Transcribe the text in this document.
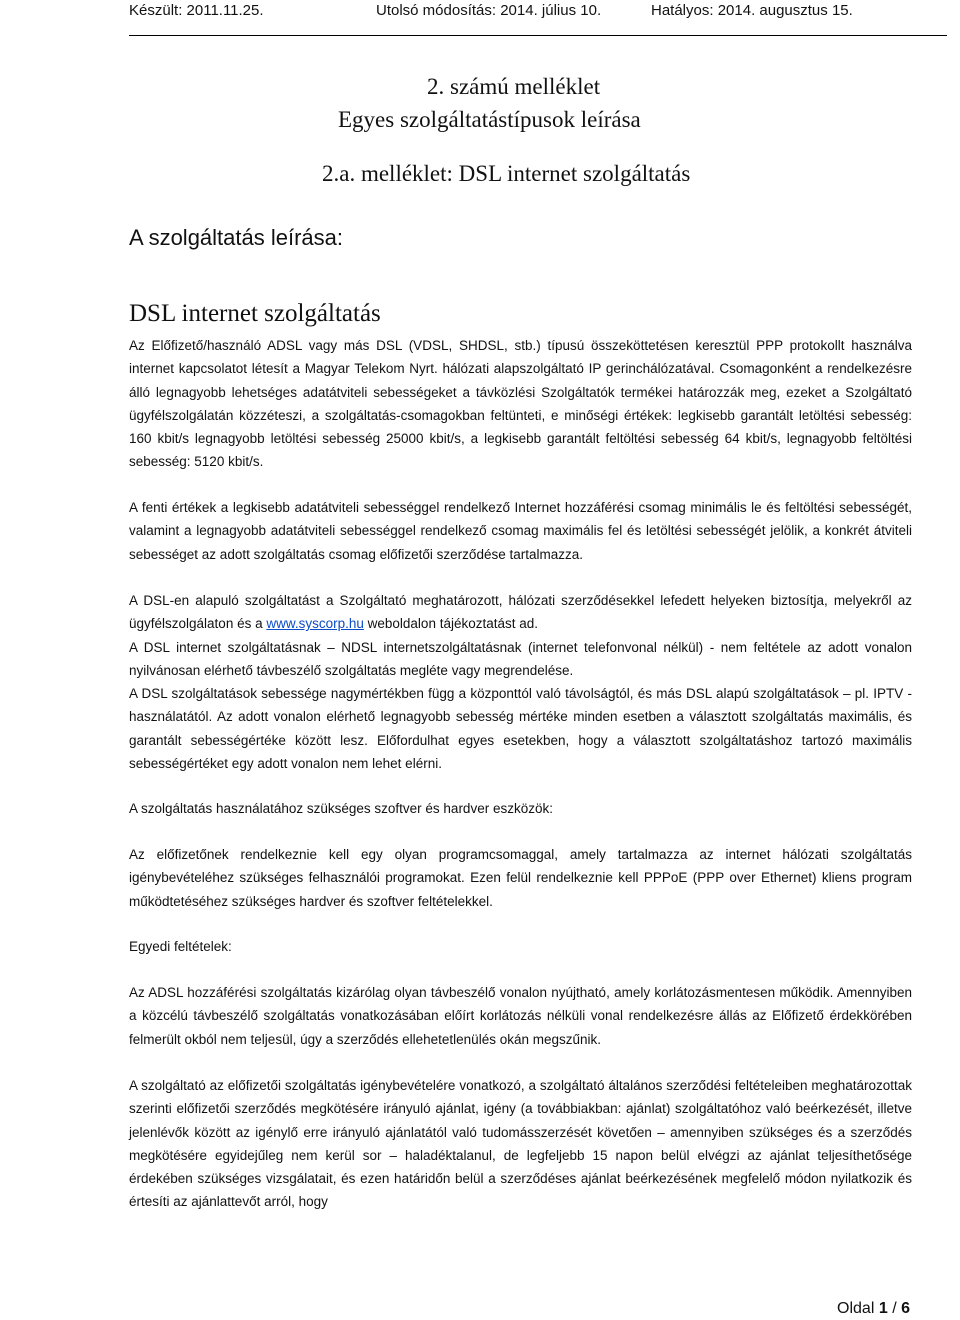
Készült: 2011.11.25.	Utolsó módosítás: 2014. július 10.	Hatályos: 2014. augusztus 15.
2. számú melléklet
Egyes szolgáltatástípusok leírása
2.a. melléklet: DSL internet szolgáltatás
A szolgáltatás leírása:
DSL internet szolgáltatás

Az Előfizető/használó ADSL vagy más DSL (VDSL, SHDSL, stb.) típusú összeköttetésen keresztül PPP protokollt használva internet kapcsolatot létesít a Magyar Telekom Nyrt. hálózati alapszolgáltató IP gerinchálózatával. Csomagonként a rendelkezésre álló legnagyobb lehetséges adatátviteli sebességeket a távközlési Szolgáltatók termékei határozzák meg, ezeket a Szolgáltató ügyfélszolgálatán közzéteszi, a szolgáltatás-csomagokban feltünteti, e minőségi értékek: legkisebb garantált letöltési sebesség: 160 kbit/s legnagyobb letöltési sebesség 25000 kbit/s, a legkisebb garantált feltöltési sebesség 64 kbit/s, legnagyobb feltöltési sebesség: 5120 kbit/s.

A fenti értékek a legkisebb adatátviteli sebességgel rendelkező Internet hozzáférési csomag minimális le és feltöltési sebességét, valamint a legnagyobb adatátviteli sebességgel rendelkező csomag maximális fel és letöltési sebességét jelölik, a konkrét átviteli sebességet az adott szolgáltatás csomag előfizetői szerződése tartalmazza.

A DSL-en alapuló szolgáltatást a Szolgáltató meghatározott, hálózati szerződésekkel lefedett helyeken biztosítja, melyekről az ügyfélszolgálaton és a www.syscorp.hu weboldalon tájékoztatást ad.

A DSL internet szolgáltatásnak – NDSL internetszolgáltatásnak (internet telefonvonal nélkül) - nem feltétele az adott vonalon nyilvánosan elérhető távbeszélő szolgáltatás megléte vagy megrendelése.

A DSL szolgáltatások sebessége nagymértékben függ a központtól való távolságtól, és más DSL alapú szolgáltatások – pl. IPTV - használatától. Az adott vonalon elérhető legnagyobb sebesség mértéke minden esetben a választott szolgáltatás maximális, és garantált sebességértéke között lesz. Előfordulhat egyes esetekben, hogy a választott szolgáltatáshoz tartozó maximális sebességértéket egy adott vonalon nem lehet elérni.

A szolgáltatás használatához szükséges szoftver és hardver eszközök:

Az előfizetőnek rendelkeznie kell egy olyan programcsomaggal, amely tartalmazza az internet hálózati szolgáltatás igénybevételéhez szükséges felhasználói programokat. Ezen felül rendelkeznie kell PPPoE (PPP over Ethernet) kliens program működtetéséhez szükséges hardver és szoftver feltételekkel.

Egyedi feltételek:

Az ADSL hozzáférési szolgáltatás kizárólag olyan távbeszélő vonalon nyújtható, amely korlátozásmentesen működik. Amennyiben a közcélú távbeszélő szolgáltatás vonatkozásában előírt korlátozás nélküli vonal rendelkezésre állás az Előfizető érdekkörében felmerült okból nem teljesül, úgy a szerződés ellehetetlenülés okán megszűnik.

A szolgáltató az előfizetői szolgáltatás igénybevételére vonatkozó, a szolgáltató általános szerződési feltételeiben meghatározottak szerinti előfizetői szerződés megkötésére irányuló ajánlat, igény (a továbbiakban: ajánlat) szolgáltatóhoz való beérkezését, illetve jelenlévők között az igénylő erre irányuló ajánlatától való tudomásszerzését követően – amennyiben szükséges és a szerződés megkötésére egyidejűleg nem kerül sor – haladéktalanul, de legfeljebb 15 napon belül elvégzi az ajánlat teljesíthetősége érdekében szükséges vizsgálatait, és ezen határidőn belül a szerződéses ajánlat beérkezésének megfelelő módon nyilatkozik és értesíti az ajánlattevőt arról, hogy

Oldal 1 / 6
